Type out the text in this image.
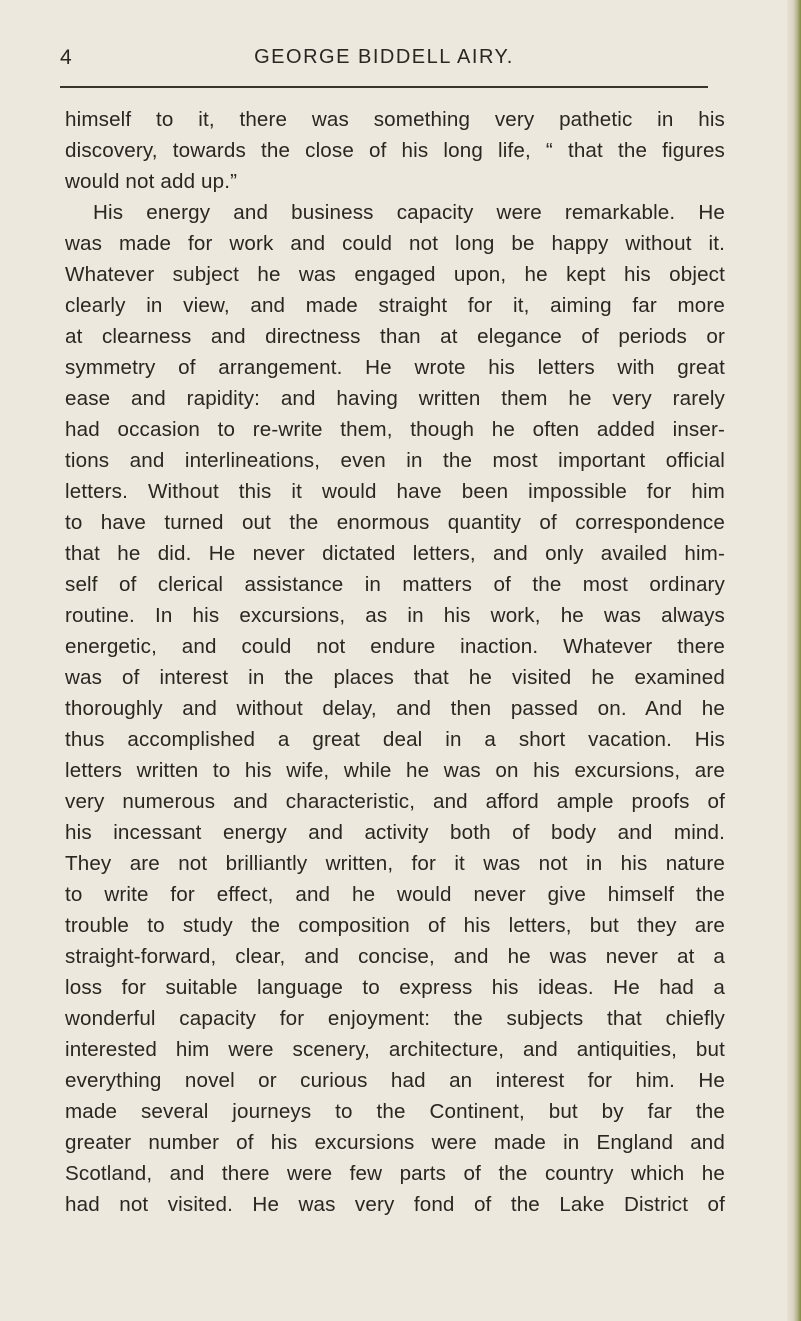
4	GEORGE BIDDELL AIRY.
himself to it, there was something very pathetic in his
discovery, towards the close of his long life, “ that the figures
would not add up.”
His energy and business capacity were remarkable. He
was made for work and could not long be happy without it.
Whatever subject he was engaged upon, he kept his object
clearly in view, and made straight for it, aiming far more
at clearness and directness than at elegance of periods or
symmetry of arrangement. He wrote his letters with great
ease and rapidity: and having written them he very rarely
had occasion to re-write them, though he often added inser-
tions and interlineations, even in the most important official
letters. Without this it would have been impossible for him
to have turned out the enormous quantity of correspondence
that he did. He never dictated letters, and only availed him-
self of clerical assistance in matters of the most ordinary
routine. In his excursions, as in his work, he was always
energetic, and could not endure inaction. Whatever there
was of interest in the places that he visited he examined
thoroughly and without delay, and then passed on. And he
thus accomplished a great deal in a short vacation. His
letters written to his wife, while he was on his excursions, are
very numerous and characteristic, and afford ample proofs of
his incessant energy and activity both of body and mind.
They are not brilliantly written, for it was not in his nature
to write for effect, and he would never give himself the
trouble to study the composition of his letters, but they are
straight-forward, clear, and concise, and he was never at a
loss for suitable language to express his ideas. He had a
wonderful capacity for enjoyment: the subjects that chiefly
interested him were scenery, architecture, and antiquities, but
everything novel or curious had an interest for him. He
made several journeys to the Continent, but by far the
greater number of his excursions were made in England and
Scotland, and there were few parts of the country which he
had not visited. He was very fond of the Lake District of
